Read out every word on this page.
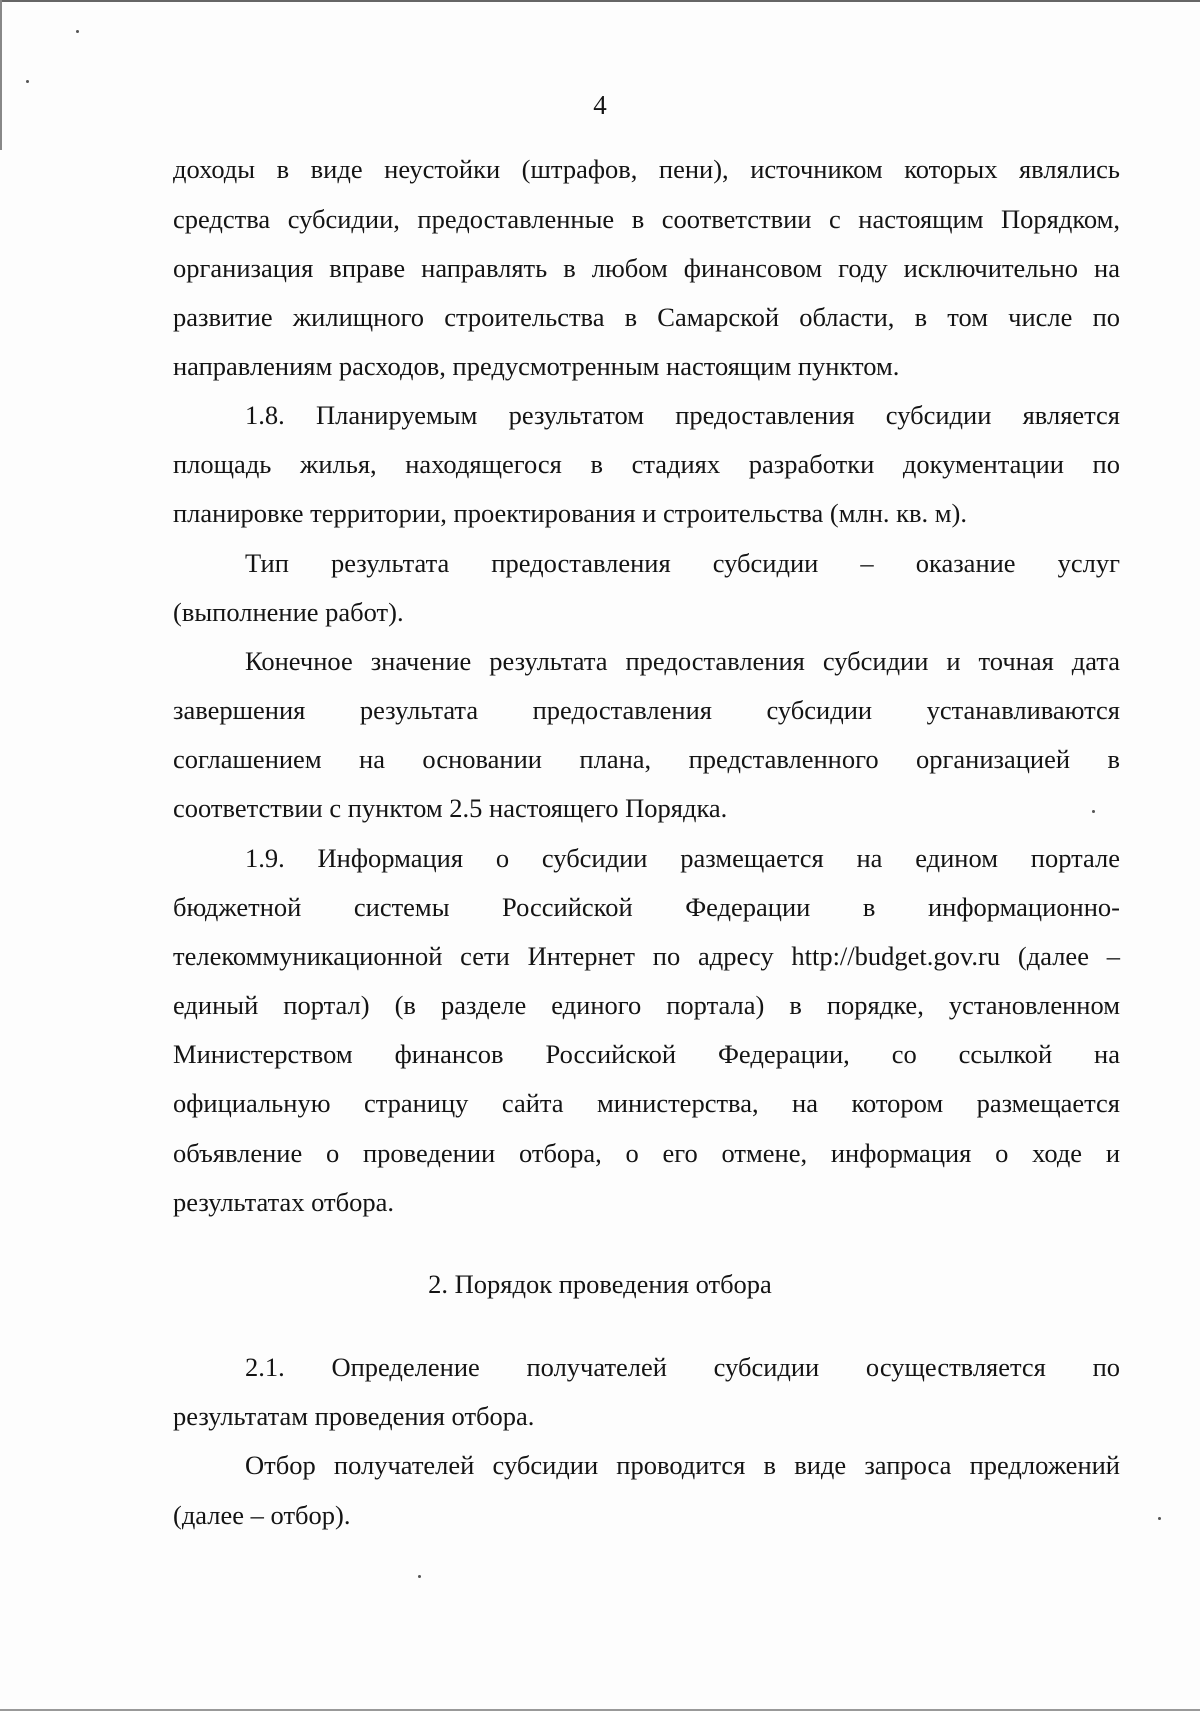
4
доходы в виде неустойки (штрафов, пени), источником которых являлись
средства субсидии, предоставленные в соответствии с настоящим Порядком,
организация вправе направлять в любом финансовом году исключительно на
развитие жилищного строительства в Самарской области, в том числе по
направлениям расходов, предусмотренным настоящим пунктом.
1.8. Планируемым результатом предоставления субсидии является
площадь жилья, находящегося в стадиях разработки документации по
планировке территории, проектирования и строительства (млн. кв. м).
Тип результата предоставления субсидии – оказание услуг
(выполнение работ).
Конечное значение результата предоставления субсидии и точная дата
завершения результата предоставления субсидии устанавливаются
соглашением на основании плана, представленного организацией в
соответствии с пунктом 2.5 настоящего Порядка.
1.9. Информация о субсидии размещается на едином портале
бюджетной системы Российской Федерации в информационно-
телекоммуникационной сети Интернет по адресу http://budget.gov.ru (далее –
единый портал) (в разделе единого портала) в порядке, установленном
Министерством финансов Российской Федерации, со ссылкой на
официальную страницу сайта министерства, на котором размещается
объявление о проведении отбора, о его отмене, информация о ходе и
результатах отбора.
2. Порядок проведения отбора
2.1. Определение получателей субсидии осуществляется по
результатам проведения отбора.
Отбор получателей субсидии проводится в виде запроса предложений
(далее – отбор).
